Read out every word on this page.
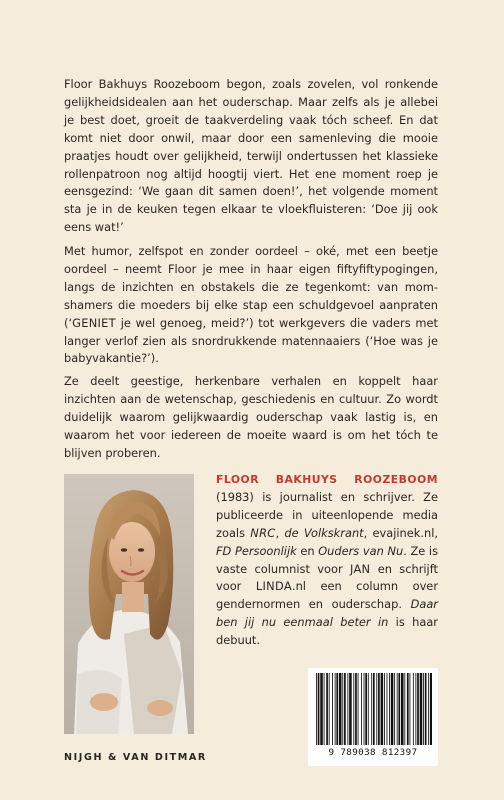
Floor Bakhuys Roozeboom begon, zoals zovelen, vol ronkende gelijkheidsidealen aan het ouderschap. Maar zelfs als je allebei je best doet, groeit de taakverdeling vaak tóch scheef. En dat komt niet door onwil, maar door een samenleving die mooie praatjes houdt over gelijkheid, terwijl ondertussen het klassieke rollenpatroon nog altijd hoogtij viert. Het ene moment roep je eensgezind: ‘We gaan dit samen doen!’, het volgende moment sta je in de keuken tegen elkaar te vloekfluisteren: ‘Doe jij ook eens wat!’

Met humor, zelfspot en zonder oordeel – oké, met een beetje oordeel – neemt Floor je mee in haar eigen fiftyfiftypogingen, langs de inzichten en obstakels die ze tegenkomt: van mom-shamers die moeders bij elke stap een schuldgevoel aanpraten (‘GENIET je wel genoeg, meid?’) tot werkgevers die vaders met langer verlof zien als snordrukkende matennaaiers (‘Hoe was je babyvakantie?’).

Ze deelt geestige, herkenbare verhalen en koppelt haar inzichten aan de wetenschap, geschiedenis en cultuur. Zo wordt duidelijk waarom gelijkwaardig ouderschap vaak lastig is, en waarom het voor iedereen de moeite waard is om het tóch te blijven proberen.

FLOOR BAKHUYS ROOZEBOOM (1983) is journalist en schrijver. Ze publiceerde in uiteenlopende media zoals NRC, de Volkskrant, evajinek.nl, FD Persoonlijk en Ouders van Nu. Ze is vaste columnist voor JAN en schrijft voor LINDA.nl een column over gendernormen en ouderschap. Daar ben jij nu eenmaal beter in is haar debuut.

NIJGH & VAN DITMAR	9 789038 812397
